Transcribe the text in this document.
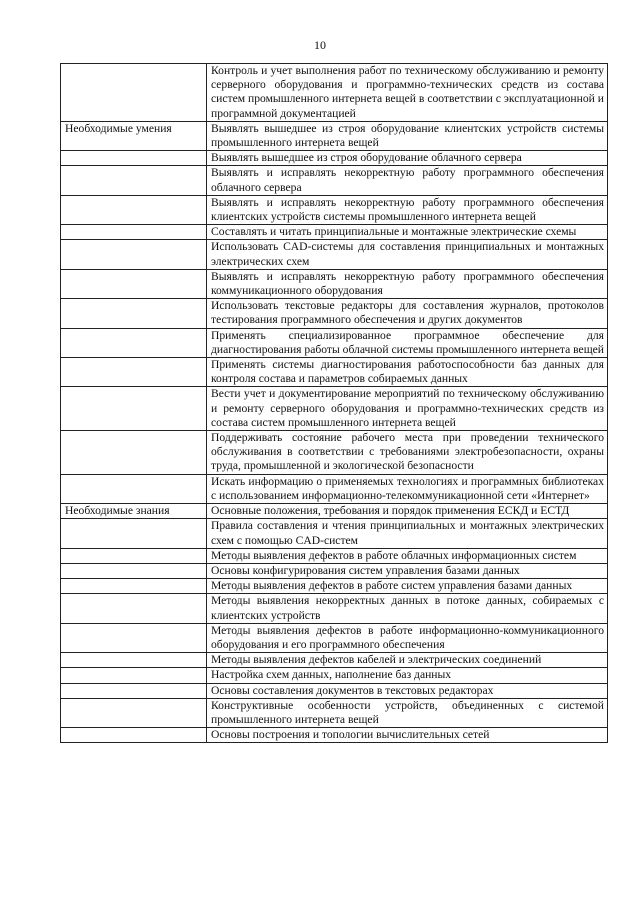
10
	Контроль и учет выполнения работ по техническому обслуживанию и ремонту серверного оборудования и программно-технических средств из состава систем промышленного интернета вещей в соответствии с эксплуатационной и программной документацией
Необходимые умения	Выявлять вышедшее из строя оборудование клиентских устройств системы промышленного интернета вещей
	Выявлять вышедшее из строя оборудование облачного сервера
	Выявлять и исправлять некорректную работу программного обеспечения облачного сервера
	Выявлять и исправлять некорректную работу программного обеспечения клиентских устройств системы промышленного интернета вещей
	Составлять и читать принципиальные и монтажные электрические схемы
	Использовать CAD-системы для составления принципиальных и монтажных электрических схем
	Выявлять и исправлять некорректную работу программного обеспечения коммуникационного оборудования
	Использовать текстовые редакторы для составления журналов, протоколов тестирования программного обеспечения и других документов
	Применять специализированное программное обеспечение для диагностирования работы облачной системы промышленного интернета вещей
	Применять системы диагностирования работоспособности баз данных для контроля состава и параметров собираемых данных
	Вести учет и документирование мероприятий по техническому обслуживанию и ремонту серверного оборудования и программно-технических средств из состава систем промышленного интернета вещей
	Поддерживать состояние рабочего места при проведении технического обслуживания в соответствии с требованиями электробезопасности, охраны труда, промышленной и экологической безопасности
	Искать информацию о применяемых технологиях и программных библиотеках с использованием информационно-телекоммуникационной сети «Интернет»
Необходимые знания	Основные положения, требования и порядок применения ЕСКД и ЕСТД
	Правила составления и чтения принципиальных и монтажных электрических схем с помощью CAD-систем
	Методы выявления дефектов в работе облачных информационных систем
	Основы конфигурирования систем управления базами данных
	Методы выявления дефектов в работе систем управления базами данных
	Методы выявления некорректных данных в потоке данных, собираемых с клиентских устройств
	Методы выявления дефектов в работе информационно-коммуникационного оборудования и его программного обеспечения
	Методы выявления дефектов кабелей и электрических соединений
	Настройка схем данных, наполнение баз данных
	Основы составления документов в текстовых редакторах
	Конструктивные особенности устройств, объединенных с системой промышленного интернета вещей
	Основы построения и топологии вычислительных сетей
